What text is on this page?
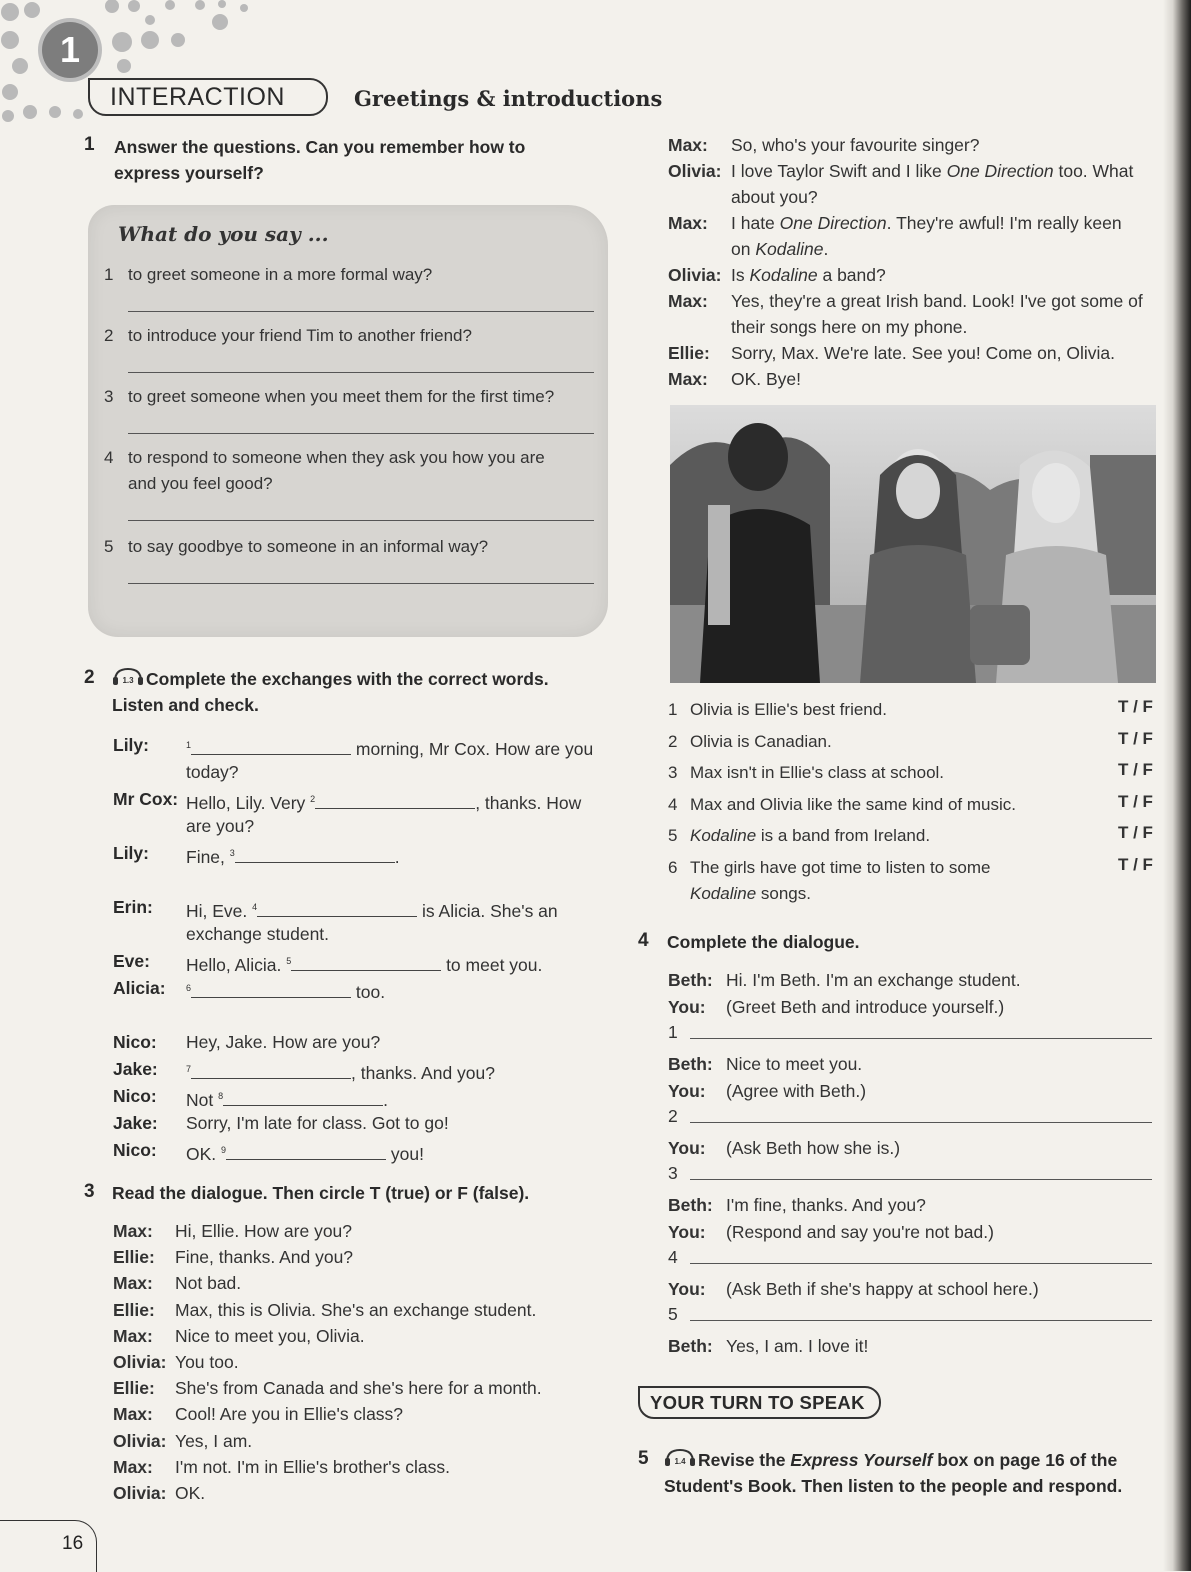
1
INTERACTION	Greetings & introductions
1 Answer the questions. Can you remember how to
express yourself?
What do you say ...
1 to greet someone in a more formal way?
2 to introduce your friend Tim to another friend?
3 to greet someone when you meet them for the first time?
4 to respond to someone when they ask you how you are
and you feel good?
5 to say goodbye to someone in an informal way?
2	1.3 Complete the exchanges with the correct words.
Listen and check.
Lily:	$^1$	morning, Mr Cox. How are you
today?
Mr Cox: Hello, Lily. Very $^2$	, thanks. How
are you?
Lily: Fine, $^3$	.
Erin: Hi, Eve. $^4$	is Alicia. She's an
exchange student.
Eve: Hello, Alicia. $^5$	to meet you.
Alicia: $^6$	too.
Nico: Hey, Jake. How are you?
Jake:	$^7$	, thanks. And you?
Nico: Not $^8$	.
Jake: Sorry, I'm late for class. Got to go!
Nico: OK. $^9$	you!
3 Read the dialogue. Then circle T (true) or F (false).
Max: Hi, Ellie. How are you?
Ellie: Fine, thanks. And you?
Max: Not bad.
Ellie: Max, this is Olivia. She's an exchange student.
Max: Nice to meet you, Olivia.
Olivia: You too.
Ellie: She's from Canada and she's here for a month.
Max: Cool! Are you in Ellie's class?
Olivia: Yes, I am.
Max: I'm not. I'm in Ellie's brother's class.
Olivia: OK.
Max: So, who's your favourite singer?
Olivia: I love Taylor Swift and I like One Direction too. What
about you?
Max: I hate One Direction. They're awful! I'm really keen
on Kodaline.
Olivia: Is Kodaline a band?
Max: Yes, they're a great Irish band. Look! I've got some of
their songs here on my phone.
Ellie: Sorry, Max. We're late. See you! Come on, Olivia.
Max: OK. Bye!
1 Olivia is Ellie's best friend.	T / F
2 Olivia is Canadian.	T / F
3 Max isn't in Ellie's class at school.	T / F
4 Max and Olivia like the same kind of music.	T / F
5 Kodaline is a band from Ireland.	T / F
6 The girls have got time to listen to some
Kodaline songs.
T / F
4 Complete the dialogue.
Beth: Hi. I'm Beth. I'm an exchange student.
You: (Greet Beth and introduce yourself.)
1
Beth: Nice to meet you.
You: (Agree with Beth.)
2
You: (Ask Beth how she is.)
3
Beth: I'm fine, thanks. And you?
You: (Respond and say you're not bad.)
4
You: (Ask Beth if she's happy at school here.)
5
Beth: Yes, I am. I love it!
YOUR TURN TO SPEAK
5	1.4 Revise the Express Yourself box on page 16 of the
Student's Book. Then listen to the people and respond.
16
